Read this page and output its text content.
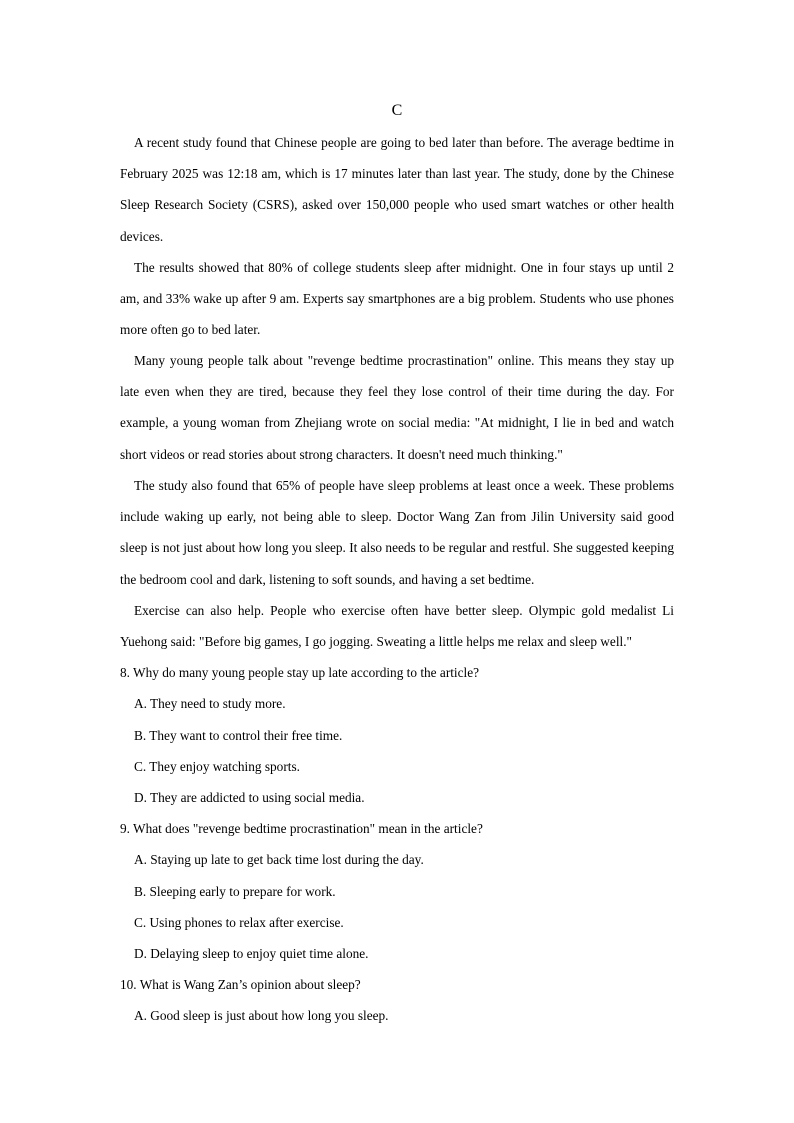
C

A recent study found that Chinese people are going to bed later than before. The average bedtime in February 2025 was 12:18 am, which is 17 minutes later than last year. The study, done by the Chinese Sleep Research Society (CSRS), asked over 150,000 people who used smart watches or other health devices.

The results showed that 80% of college students sleep after midnight. One in four stays up until 2 am, and 33% wake up after 9 am. Experts say smartphones are a big problem. Students who use phones more often go to bed later.

Many young people talk about "revenge bedtime procrastination" online. This means they stay up late even when they are tired, because they feel they lose control of their time during the day. For example, a young woman from Zhejiang wrote on social media: "At midnight, I lie in bed and watch short videos or read stories about strong characters. It doesn't need much thinking."

The study also found that 65% of people have sleep problems at least once a week. These problems include waking up early, not being able to sleep. Doctor Wang Zan from Jilin University said good sleep is not just about how long you sleep. It also needs to be regular and restful. She suggested keeping the bedroom cool and dark, listening to soft sounds, and having a set bedtime.

Exercise can also help. People who exercise often have better sleep. Olympic gold medalist Li Yuehong said: "Before big games, I go jogging. Sweating a little helps me relax and sleep well."

8. Why do many young people stay up late according to the article?

A. They need to study more.

B. They want to control their free time.

C. They enjoy watching sports.

D. They are addicted to using social media.

9. What does "revenge bedtime procrastination" mean in the article?

A. Staying up late to get back time lost during the day.

B. Sleeping early to prepare for work.

C. Using phones to relax after exercise.

D. Delaying sleep to enjoy quiet time alone.

10. What is Wang Zan’s opinion about sleep?

A. Good sleep is just about how long you sleep.
